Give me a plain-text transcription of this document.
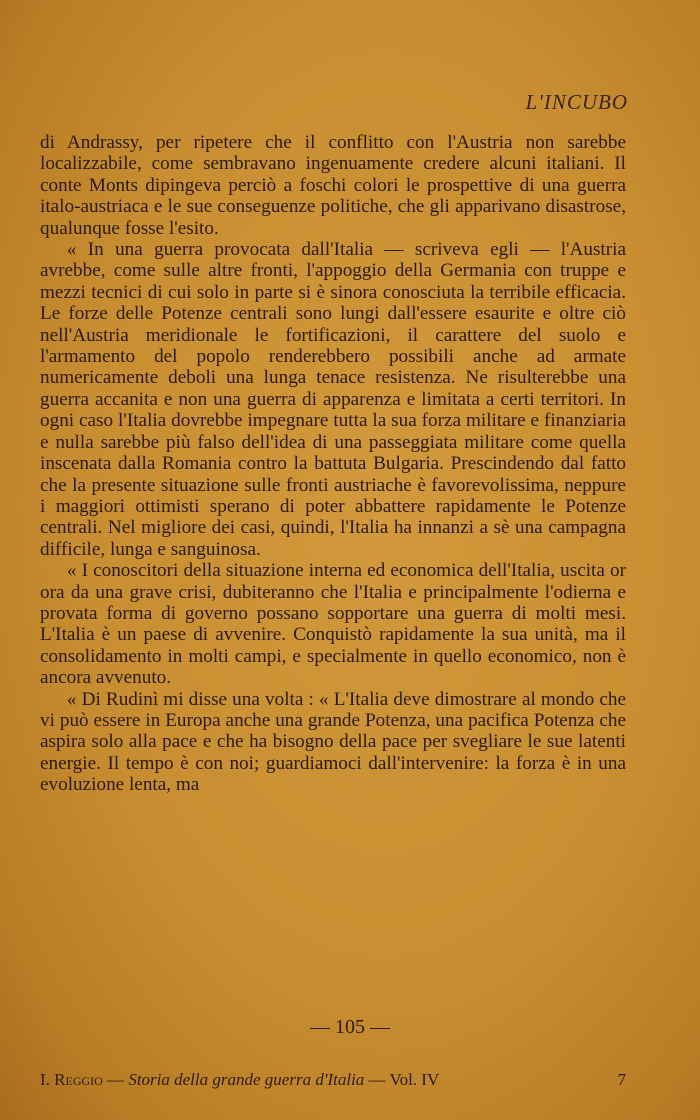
L'INCUBO

di Andrassy, per ripetere che il conflitto con l'Austria non sarebbe localizzabile, come sembravano ingenuamente credere alcuni italiani. Il conte Monts dipingeva perciò a foschi colori le prospettive di una guerra italo-austriaca e le sue conseguenze politiche, che gli apparivano disastrose, qualunque fosse l'esito.

« In una guerra provocata dall'Italia — scriveva egli — l'Austria avrebbe, come sulle altre fronti, l'appoggio della Germania con truppe e mezzi tecnici di cui solo in parte si è sinora conosciuta la terribile efficacia. Le forze delle Potenze centrali sono lungi dall'essere esaurite e oltre ciò nell'Austria meridionale le fortificazioni, il carattere del suolo e l'armamento del popolo renderebbero possibili anche ad armate numericamente deboli una lunga tenace resistenza. Ne risulterebbe una guerra accanita e non una guerra di apparenza e limitata a certi territori. In ogni caso l'Italia dovrebbe impegnare tutta la sua forza militare e finanziaria e nulla sarebbe più falso dell'idea di una passeggiata militare come quella inscenata dalla Romania contro la battuta Bulgaria. Prescindendo dal fatto che la presente situazione sulle fronti austriache è favorevolissima, neppure i maggiori ottimisti sperano di poter abbattere rapidamente le Potenze centrali. Nel migliore dei casi, quindi, l'Italia ha innanzi a sè una campagna difficile, lunga e sanguinosa.

« I conoscitori della situazione interna ed economica dell'Italia, uscita or ora da una grave crisi, dubiteranno che l'Italia e principalmente l'odierna e provata forma di governo possano sopportare una guerra di molti mesi. L'Italia è un paese di avvenire. Conquistò rapidamente la sua unità, ma il consolidamento in molti campi, e specialmente in quello economico, non è ancora avvenuto.

« Di Rudinì mi disse una volta : « L'Italia deve dimostrare al mondo che vi può essere in Europa anche una grande Potenza, una pacifica Potenza che aspira solo alla pace e che ha bisogno della pace per svegliare le sue latenti energie. Il tempo è con noi; guardiamoci dall'intervenire: la forza è in una evoluzione lenta, ma

— 105 —
I. Reggio — Storia della grande guerra d'Italia — Vol. IV	7
